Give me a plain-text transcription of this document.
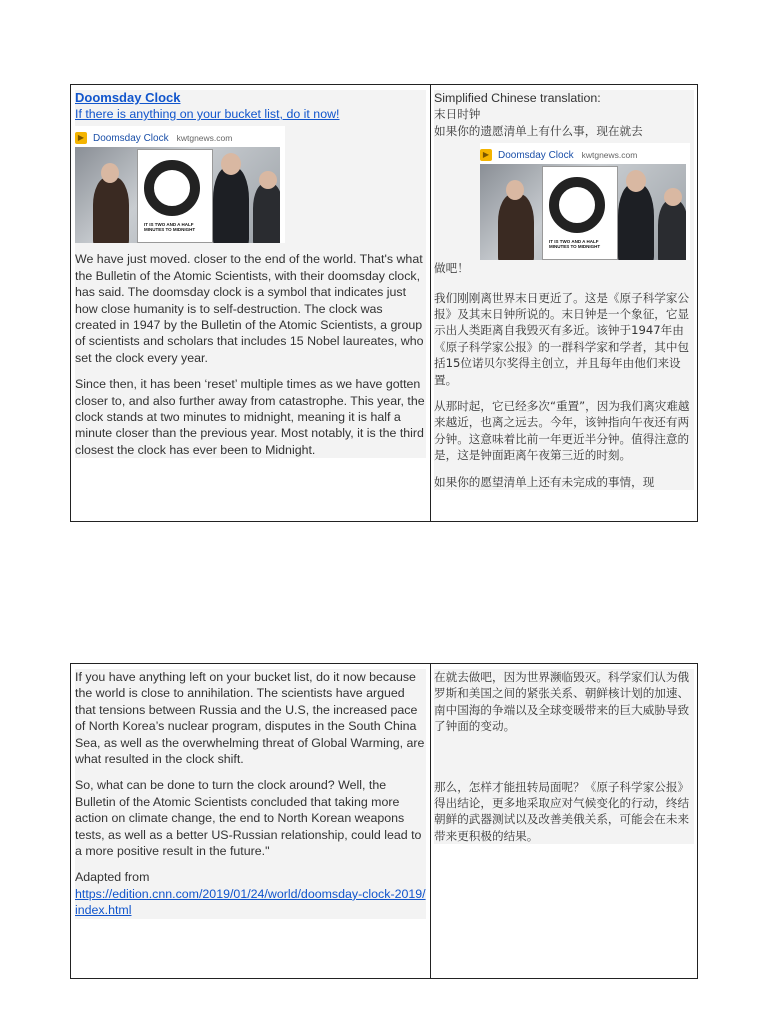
Doomsday Clock
If there is anything on your bucket list, do it now!
▶ Doomsday Clock kwtgnews.com
IT IS TWO AND A HALF MINUTES TO MIDNIGHT

We have just moved. closer to the end of the world. That's what the Bulletin of the Atomic Scientists, with their doomsday clock, has said. The doomsday clock is a symbol that indicates just how close humanity is to self-destruction. The clock was created in 1947 by the Bulletin of the Atomic Scientists, a group of scientists and scholars that includes 15 Nobel laureates, who set the clock every year.

Since then, it has been ‘reset’ multiple times as we have gotten closer to, and also further away from catastrophe. This year, the clock stands at two minutes to midnight, meaning it is half a minute closer than the previous year. Most notably, it is the third closest the clock has ever been to Midnight.

Simplified Chinese translation:

末日时钟

如果你的遗愿清单上有什么事，现在就去

▶ Doomsday Clock kwtgnews.com
IT IS TWO AND A HALF MINUTES TO MIDNIGHT

做吧！

我们刚刚离世界末日更近了。这是《原子科学家公报》及其末日钟所说的。末日钟是一个象征，它显示出人类距离自我毁灭有多近。该钟于1947年由《原子科学家公报》的一群科学家和学者，其中包括15位诺贝尔奖得主创立，并且每年由他们来设置。

从那时起，它已经多次“重置”，因为我们离灾难越来越近，也离之远去。今年，该钟指向午夜还有两分钟。这意味着比前一年更近半分钟。值得注意的是，这是钟面距离午夜第三近的时刻。

如果你的愿望清单上还有未完成的事情，现

If you have anything left on your bucket list, do it now because the world is close to annihilation. The scientists have argued that tensions between Russia and the U.S, the increased pace of North Korea’s nuclear program, disputes in the South China Sea, as well as the overwhelming threat of Global Warming, are what resulted in the clock shift.

So, what can be done to turn the clock around? Well, the Bulletin of the Atomic Scientists concluded that taking more action on climate change, the end to North Korean weapons tests, as well as a better US-Russian relationship, could lead to a more positive result in the future."

Adapted from

https://edition.cnn.com/2019/01/24/world/doomsday-clock-2019/index.html

在就去做吧，因为世界濒临毁灭。科学家们认为俄罗斯和美国之间的紧张关系、朝鲜核计划的加速、南中国海的争端以及全球变暖带来的巨大威胁导致了钟面的变动。

那么，怎样才能扭转局面呢？《原子科学家公报》得出结论，更多地采取应对气候变化的行动，终结朝鲜的武器测试以及改善美俄关系，可能会在未来带来更积极的结果。
